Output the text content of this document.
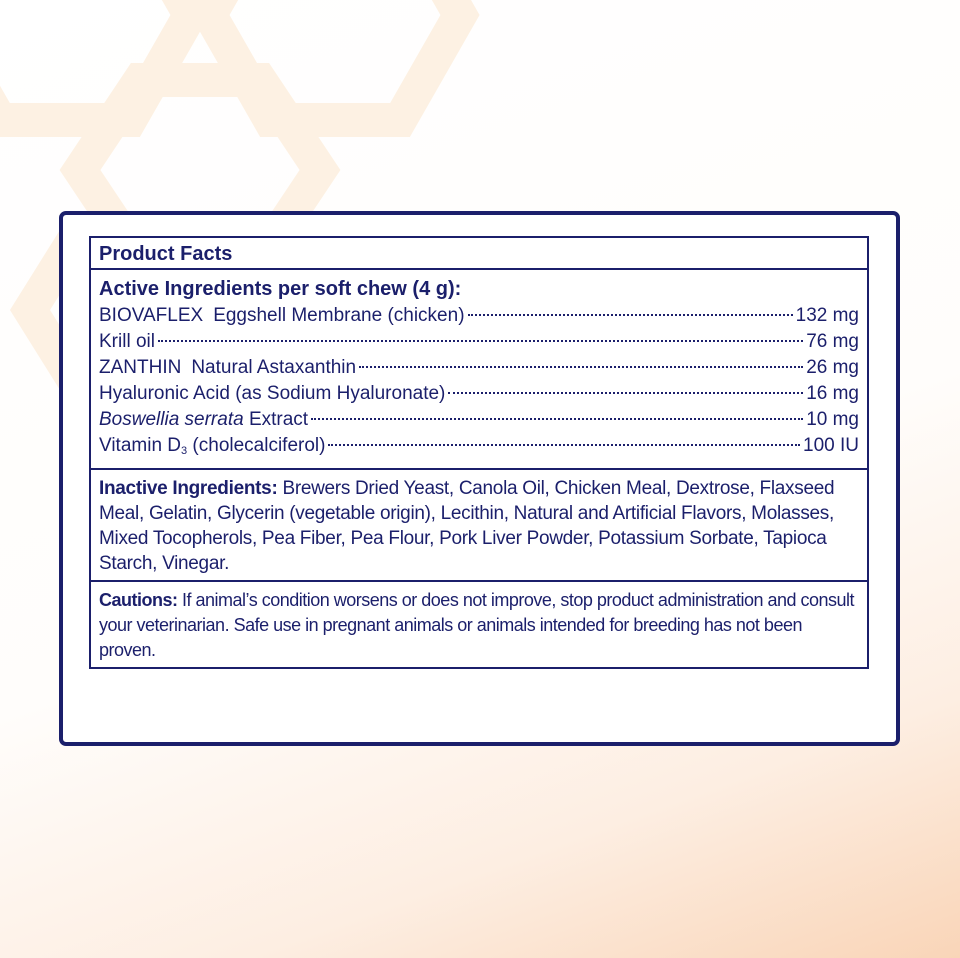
Product Facts
Active Ingredients per soft chew (4 g):
BIOVAFLEX Eggshell Membrane (chicken)	132 mg
Krill oil	76 mg
ZANTHIN Natural Astaxanthin	26 mg
Hyaluronic Acid (as Sodium Hyaluronate)	16 mg
Boswellia serrata Extract	10 mg
Vitamin $D_3$ (cholecalciferol)	100 IU
Inactive Ingredients: Brewers Dried Yeast, Canola Oil, Chicken Meal, Dextrose, Flaxseed Meal, Gelatin, Glycerin (vegetable origin), Lecithin, Natural and Artificial Flavors, Molasses, Mixed Tocopherols, Pea Fiber, Pea Flour, Pork Liver Powder, Potassium Sorbate, Tapioca Starch, Vinegar.
Cautions: If animal’s condition worsens or does not improve, stop product administration and consult your veterinarian. Safe use in pregnant animals or animals intended for breeding has not been proven.
